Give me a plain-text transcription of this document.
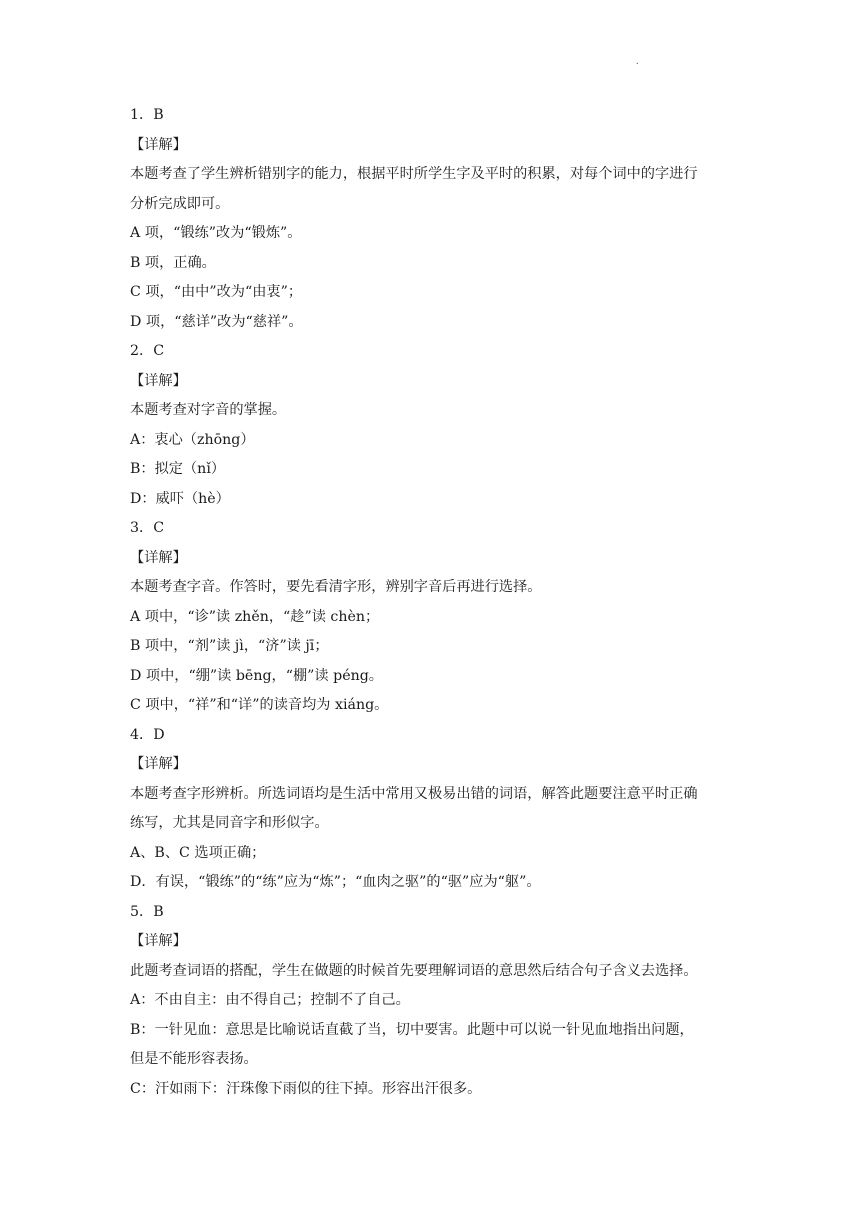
.
1．B
【详解】
本题考查了学生辨析错别字的能力，根据平时所学生字及平时的积累，对每个词中的字进行
分析完成即可。
A 项，“锻练”改为“锻炼”。
B 项，正确。
C 项，“由中”改为“由衷”；
D 项，“慈详”改为“慈祥”。
2．C
【详解】
本题考查对字音的掌握。
A：衷心（zhōng）
B：拟定（nǐ）
D：威吓（hè）
3．C
【详解】
本题考查字音。作答时，要先看清字形，辨别字音后再进行选择。
A 项中，“诊”读 zhěn，“趁”读 chèn；
B 项中，“剂”读 jì，“济”读 jī；
D 项中，“绷”读 bēng，“棚”读 péng。
C 项中，“祥”和“详”的读音均为 xiáng。
4．D
【详解】
本题考查字形辨析。所选词语均是生活中常用又极易出错的词语，解答此题要注意平时正确
练写，尤其是同音字和形似字。
A、B、C 选项正确；
D．有误，“锻练”的“练”应为“炼”；“血肉之驱”的“驱”应为“躯”。
5．B
【详解】
此题考查词语的搭配，学生在做题的时候首先要理解词语的意思然后结合句子含义去选择。
A：不由自主：由不得自己；控制不了自己。
B：一针见血：意思是比喻说话直截了当，切中要害。此题中可以说一针见血地指出问题，
但是不能形容表扬。
C：汗如雨下：汗珠像下雨似的往下掉。形容出汗很多。
